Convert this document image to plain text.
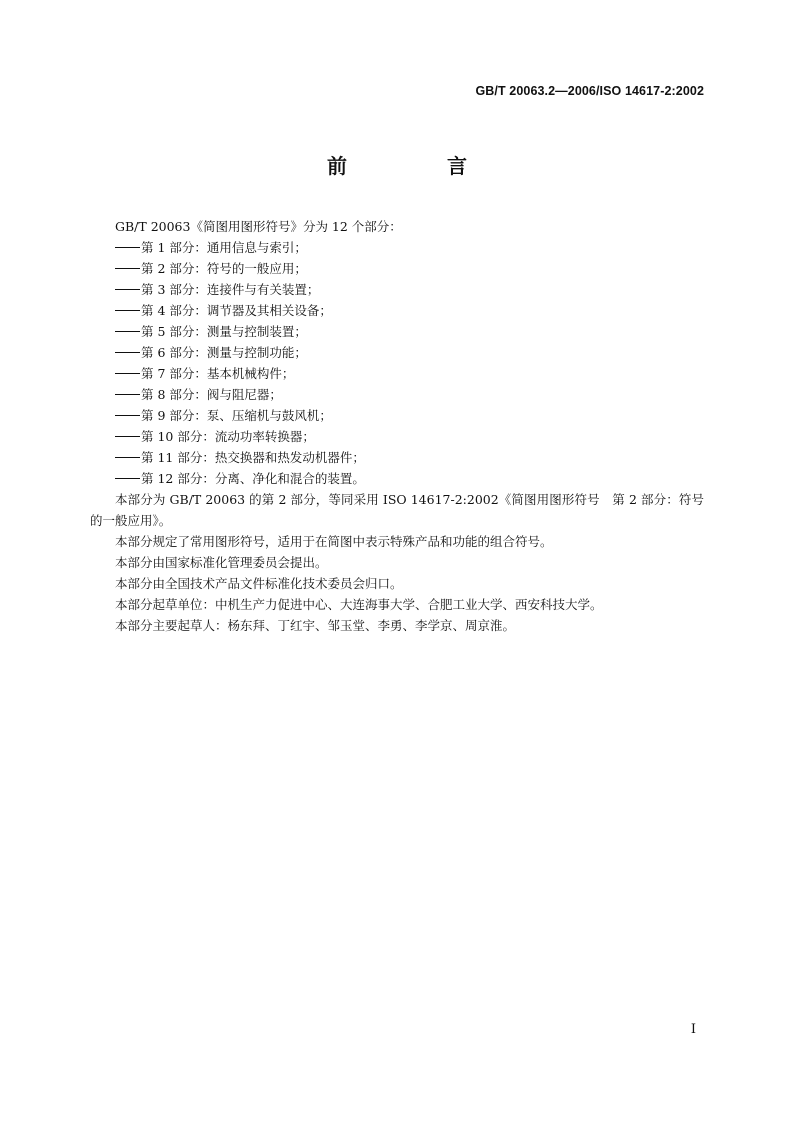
GB/T 20063.2—2006/ISO 14617-2:2002
前　言
GB/T 20063《简图用图形符号》分为 12 个部分：
第 1 部分：通用信息与索引；
第 2 部分：符号的一般应用；
第 3 部分：连接件与有关装置；
第 4 部分：调节器及其相关设备；
第 5 部分：测量与控制装置；
第 6 部分：测量与控制功能；
第 7 部分：基本机械构件；
第 8 部分：阀与阻尼器；
第 9 部分：泵、压缩机与鼓风机；
第 10 部分：流动功率转换器；
第 11 部分：热交换器和热发动机器件；
第 12 部分：分离、净化和混合的装置。
本部分为 GB/T 20063 的第 2 部分，等同采用 ISO 14617-2:2002《简图用图形符号　第 2 部分：符号的一般应用》。
本部分规定了常用图形符号，适用于在简图中表示特殊产品和功能的组合符号。
本部分由国家标准化管理委员会提出。
本部分由全国技术产品文件标准化技术委员会归口。
本部分起草单位：中机生产力促进中心、大连海事大学、合肥工业大学、西安科技大学。
本部分主要起草人：杨东拜、丁红宇、邹玉堂、李勇、李学京、周京淮。
I
